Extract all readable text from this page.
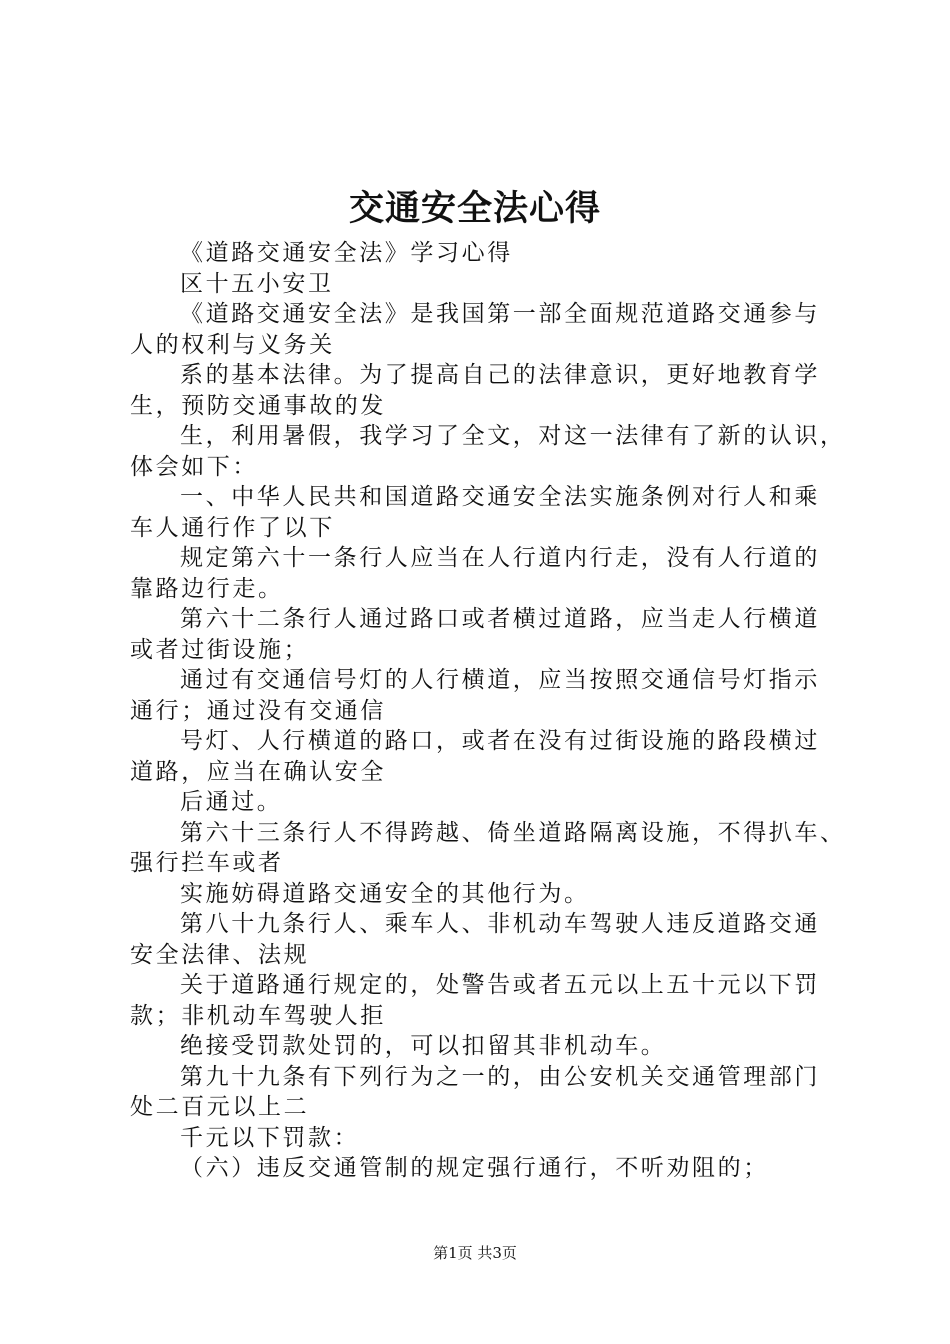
交通安全法心得

《道路交通安全法》学习心得

区十五小安卫

《道路交通安全法》是我国第一部全面规范道路交通参与

人的权利与义务关

系的基本法律。为了提高自己的法律意识，更好地教育学

生，预防交通事故的发

生，利用暑假，我学习了全文，对这一法律有了新的认识，

体会如下：

一、中华人民共和国道路交通安全法实施条例对行人和乘

车人通行作了以下

规定第六十一条行人应当在人行道内行走，没有人行道的

靠路边行走。

第六十二条行人通过路口或者横过道路，应当走人行横道

或者过街设施；

通过有交通信号灯的人行横道，应当按照交通信号灯指示

通行；通过没有交通信

号灯、人行横道的路口，或者在没有过街设施的路段横过

道路，应当在确认安全

后通过。

第六十三条行人不得跨越、倚坐道路隔离设施，不得扒车、

强行拦车或者

实施妨碍道路交通安全的其他行为。

第八十九条行人、乘车人、非机动车驾驶人违反道路交通

安全法律、法规

关于道路通行规定的，处警告或者五元以上五十元以下罚

款；非机动车驾驶人拒

绝接受罚款处罚的，可以扣留其非机动车。

第九十九条有下列行为之一的，由公安机关交通管理部门

处二百元以上二

千元以下罚款：

（六）违反交通管制的规定强行通行，不听劝阻的；

第1页 共3页
